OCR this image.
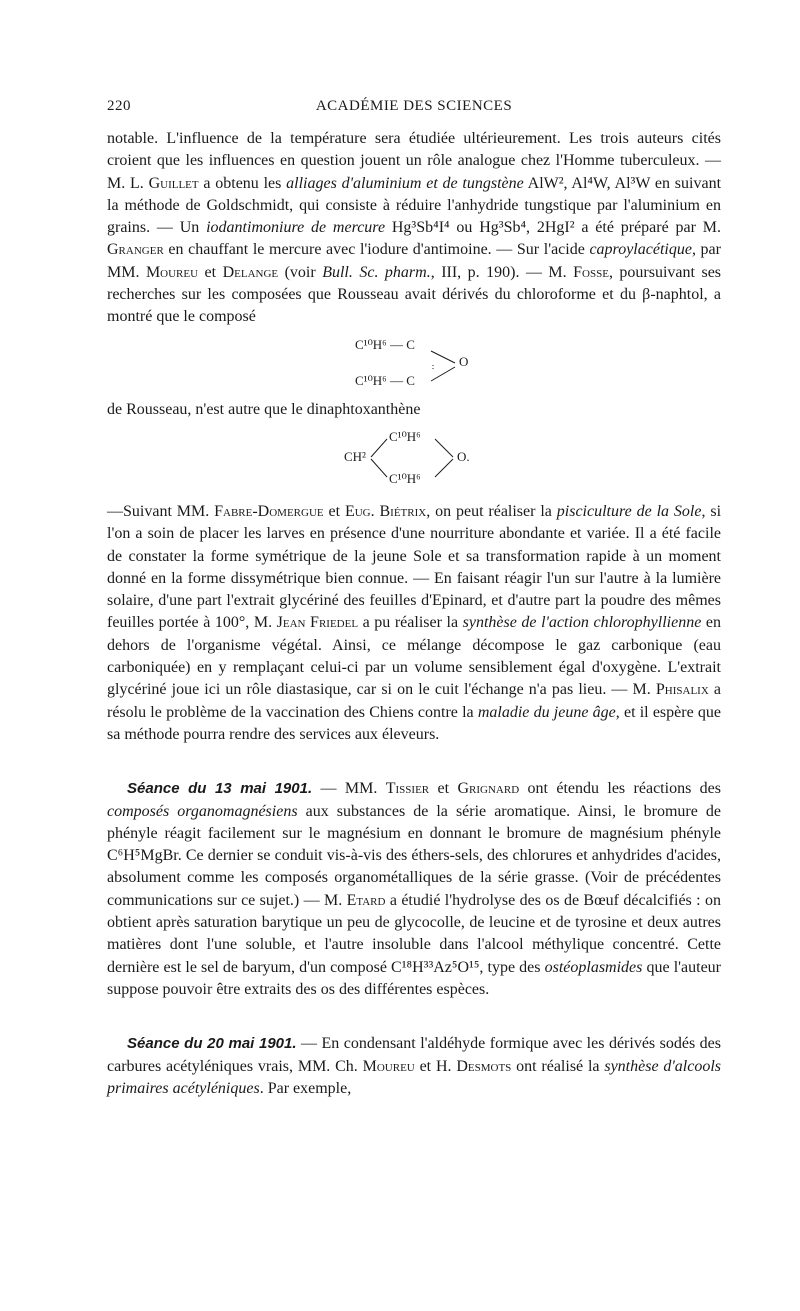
220	ACADÉMIE DES SCIENCES

notable. L'influence de la température sera étudiée ultérieurement. Les trois auteurs cités croient que les influences en question jouent un rôle analogue chez l'Homme tuberculeux. — M. L. Guillet a obtenu les alliages d'aluminium et de tungstène AlW², Al⁴W, Al³W en suivant la méthode de Goldschmidt, qui consiste à réduire l'anhydride tungstique par l'aluminium en grains. — Un iodantimoniure de mercure Hg³Sb⁴I⁴ ou Hg³Sb⁴, 2HgI² a été préparé par M. Granger en chauffant le mercure avec l'iodure d'antimoine. — Sur l'acide caproylacétique, par MM. Moureu et Delange (voir Bull. Sc. pharm., III, p. 190). — M. Fosse, poursuivant ses recherches sur les composées que Rousseau avait dérivés du chloroforme et du β-naphtol, a montré que le composé

C¹⁰H⁶ — C
C¹⁰H⁶ — C
O

de Rousseau, n'est autre que le dinaphtoxanthène

CH²
C¹⁰H⁶
C¹⁰H⁶
O.

—Suivant MM. Fabre-Domergue et Eug. Biétrix, on peut réaliser la pisciculture de la Sole, si l'on a soin de placer les larves en présence d'une nourriture abondante et variée. Il a été facile de constater la forme symétrique de la jeune Sole et sa transformation rapide à un moment donné en la forme dissymétrique bien connue. — En faisant réagir l'un sur l'autre à la lumière solaire, d'une part l'extrait glycériné des feuilles d'Epinard, et d'autre part la poudre des mêmes feuilles portée à 100°, M. Jean Friedel a pu réaliser la synthèse de l'action chlorophyllienne en dehors de l'organisme végétal. Ainsi, ce mélange décompose le gaz carbonique (eau carboniquée) en y remplaçant celui-ci par un volume sensiblement égal d'oxygène. L'extrait glycériné joue ici un rôle diastasique, car si on le cuit l'échange n'a pas lieu. — M. Phisalix a résolu le problème de la vaccination des Chiens contre la maladie du jeune âge, et il espère que sa méthode pourra rendre des services aux éleveurs.

Séance du 13 mai 1901. — MM. Tissier et Grignard ont étendu les réactions des composés organomagnésiens aux substances de la série aromatique. Ainsi, le bromure de phényle réagit facilement sur le magnésium en donnant le bromure de magnésium phényle C⁶H⁵MgBr. Ce dernier se conduit vis-à-vis des éthers-sels, des chlorures et anhydrides d'acides, absolument comme les composés organométalliques de la série grasse. (Voir de précédentes communications sur ce sujet.) — M. Etard a étudié l'hydrolyse des os de Bœuf décalcifiés : on obtient après saturation barytique un peu de glycocolle, de leucine et de tyrosine et deux autres matières dont l'une soluble, et l'autre insoluble dans l'alcool méthylique concentré. Cette dernière est le sel de baryum, d'un composé C¹⁸H³³Az⁵O¹⁵, type des ostéoplasmides que l'auteur suppose pouvoir être extraits des os des différentes espèces.

Séance du 20 mai 1901. — En condensant l'aldéhyde formique avec les dérivés sodés des carbures acétyléniques vrais, MM. Ch. Moureu et H. Desmots ont réalisé la synthèse d'alcools primaires acétyléniques. Par exemple,
